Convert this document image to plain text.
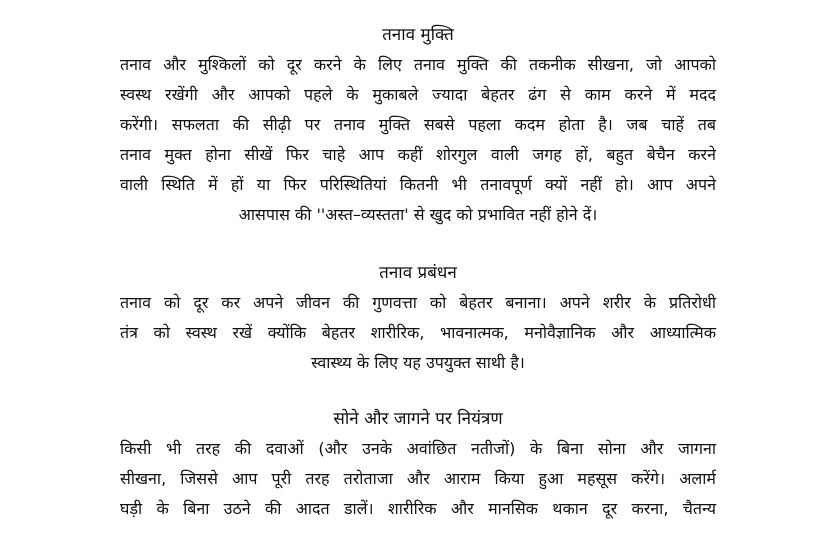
तनाव मुक्ति
तनाव और मुश्किलों को दूर करने के लिए तनाव मुक्ति की तकनीक सीखना, जो आपको
स्वस्थ रखेंगी और आपको पहले के मुकाबले ज्यादा बेहतर ढंग से काम करने में मदद
करेंगी। सफलता की सीढ़ी पर तनाव मुक्ति सबसे पहला कदम होता है। जब चाहें तब
तनाव मुक्त होना सीखें फिर चाहे आप कहीं शोरगुल वाली जगह हों, बहुत बेचैन करने
वाली स्थिति में हों या फिर परिस्थितियां कितनी भी तनावपूर्ण क्यों नहीं हो। आप अपने
आसपास की ''अस्त–व्यस्तता' से खुद को प्रभावित नहीं होने दें।
तनाव प्रबंधन
तनाव को दूर कर अपने जीवन की गुणवत्ता को बेहतर बनाना। अपने शरीर के प्रतिरोधी
तंत्र को स्वस्थ रखें क्योंकि बेहतर शारीरिक, भावनात्मक, मनोवैज्ञानिक और आध्यात्मिक
स्वास्थ्य के लिए यह उपयुक्त साथी है।
सोने और जागने पर नियंत्रण
किसी भी तरह की दवाओं (और उनके अवांछित नतीजों) के बिना सोना और जागना
सीखना, जिससे आप पूरी तरह तरोताजा और आराम किया हुआ महसूस करेंगे। अलार्म
घड़ी के बिना उठने की आदत डालें। शारीरिक और मानसिक थकान दूर करना, चैतन्य
